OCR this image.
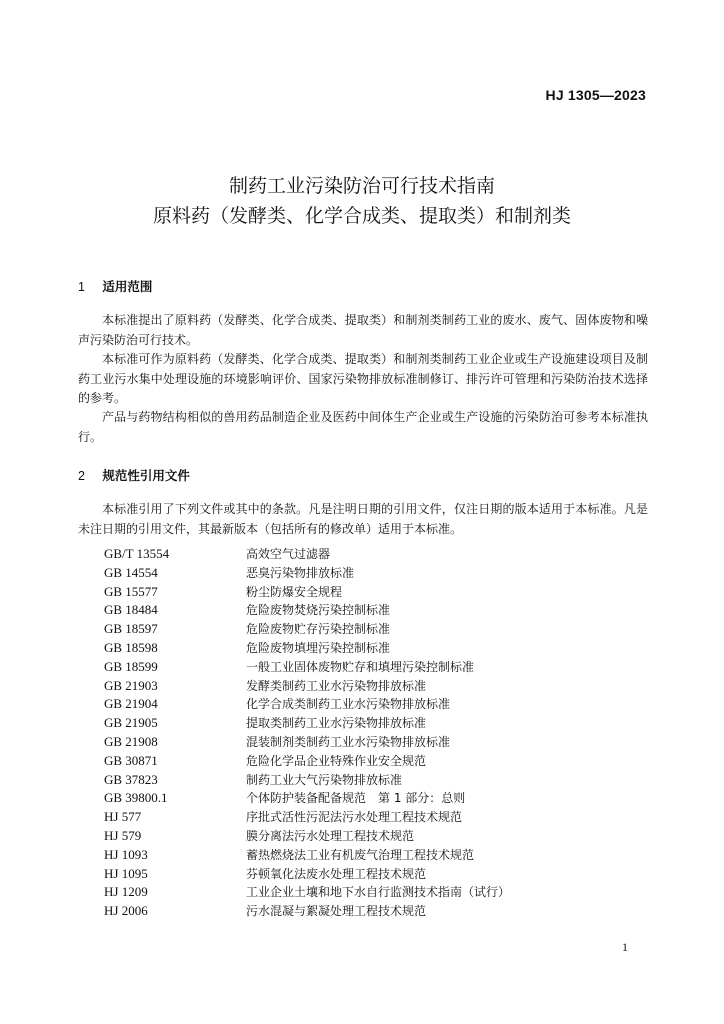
HJ 1305—2023
制药工业污染防治可行技术指南
原料药（发酵类、化学合成类、提取类）和制剂类
1 适用范围

本标准提出了原料药（发酵类、化学合成类、提取类）和制剂类制药工业的废水、废气、固体废物和噪声污染防治可行技术。

本标准可作为原料药（发酵类、化学合成类、提取类）和制剂类制药工业企业或生产设施建设项目及制药工业污水集中处理设施的环境影响评价、国家污染物排放标准制修订、排污许可管理和污染防治技术选择的参考。

产品与药物结构相似的兽用药品制造企业及医药中间体生产企业或生产设施的污染防治可参考本标准执行。

2 规范性引用文件

本标准引用了下列文件或其中的条款。凡是注明日期的引用文件，仅注日期的版本适用于本标准。凡是未注日期的引用文件，其最新版本（包括所有的修改单）适用于本标准。

GB/T 13554	高效空气过滤器
GB 14554	恶臭污染物排放标准
GB 15577	粉尘防爆安全规程
GB 18484	危险废物焚烧污染控制标准
GB 18597	危险废物贮存污染控制标准
GB 18598	危险废物填埋污染控制标准
GB 18599	一般工业固体废物贮存和填埋污染控制标准
GB 21903	发酵类制药工业水污染物排放标准
GB 21904	化学合成类制药工业水污染物排放标准
GB 21905	提取类制药工业水污染物排放标准
GB 21908	混装制剂类制药工业水污染物排放标准
GB 30871	危险化学品企业特殊作业安全规范
GB 37823	制药工业大气污染物排放标准
GB 39800.1	个体防护装备配备规范　第 1 部分：总则
HJ 577	序批式活性污泥法污水处理工程技术规范
HJ 579	膜分离法污水处理工程技术规范
HJ 1093	蓄热燃烧法工业有机废气治理工程技术规范
HJ 1095	芬顿氧化法废水处理工程技术规范
HJ 1209	工业企业土壤和地下水自行监测技术指南（试行）
HJ 2006	污水混凝与絮凝处理工程技术规范
1
